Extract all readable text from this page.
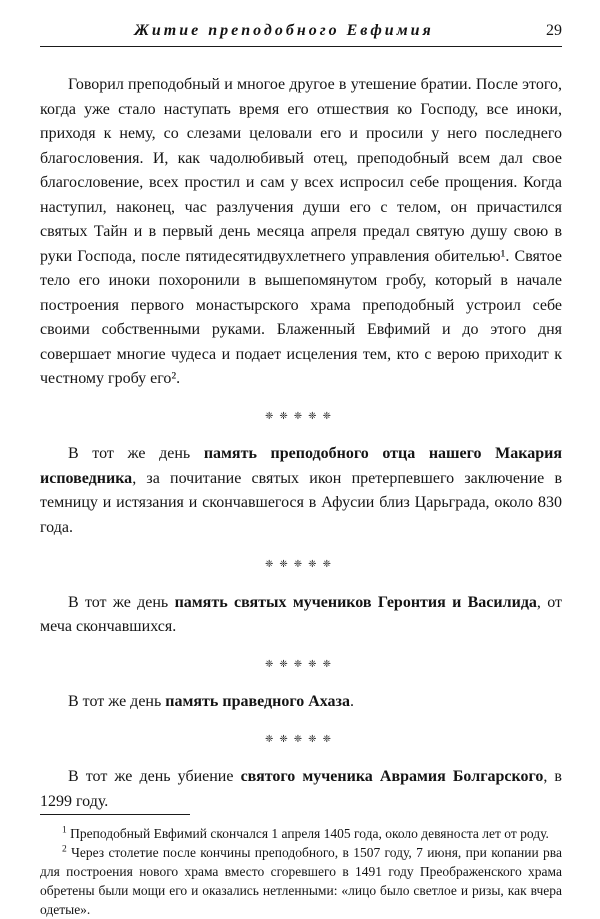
Житие преподобного Евфимия	29

Говорил преподобный и многое другое в утешение братии. После этого, когда уже стало наступать время его отшествия ко Господу, все иноки, приходя к нему, со слезами целовали его и просили у него последнего благословения. И, как чадолюбивый отец, преподобный всем дал свое благословение, всех простил и сам у всех испросил себе прощения. Когда наступил, наконец, час разлучения души его с телом, он причастился святых Тайн и в первый день месяца апреля предал святую душу свою в руки Господа, после пятидесятидвухлетнего управления обителью¹. Святое тело его иноки похоронили в вышепомянутом гробу, который в начале построения первого монастырского храма преподобный устроил себе своими собственными руками. Блаженный Евфимий и до этого дня совершает многие чудеса и подает исцеления тем, кто с верою приходит к честному гробу его².

❈❈❈❈❈

В тот же день память преподобного отца нашего Макария исповедника, за почитание святых икон претерпевшего заключение в темницу и истязания и скончавшегося в Афусии близ Царьграда, около 830 года.

❈❈❈❈❈

В тот же день память святых мучеников Геронтия и Василида, от меча скончавшихся.

❈❈❈❈❈

В тот же день память праведного Ахаза.

❈❈❈❈❈

В тот же день убиение святого мученика Аврамия Болгарского, в 1299 году.

$^1$ Преподобный Евфимий скончался 1 апреля 1405 года, около девяноста лет от роду.

$^2$ Через столетие после кончины преподобного, в 1507 году, 7 июня, при копании рва для построения нового храма вместо сгоревшего в 1491 году Преображенского храма обретены были мощи его и оказались нетленными: «лицо было светлое и ризы, как вчера одетые».
